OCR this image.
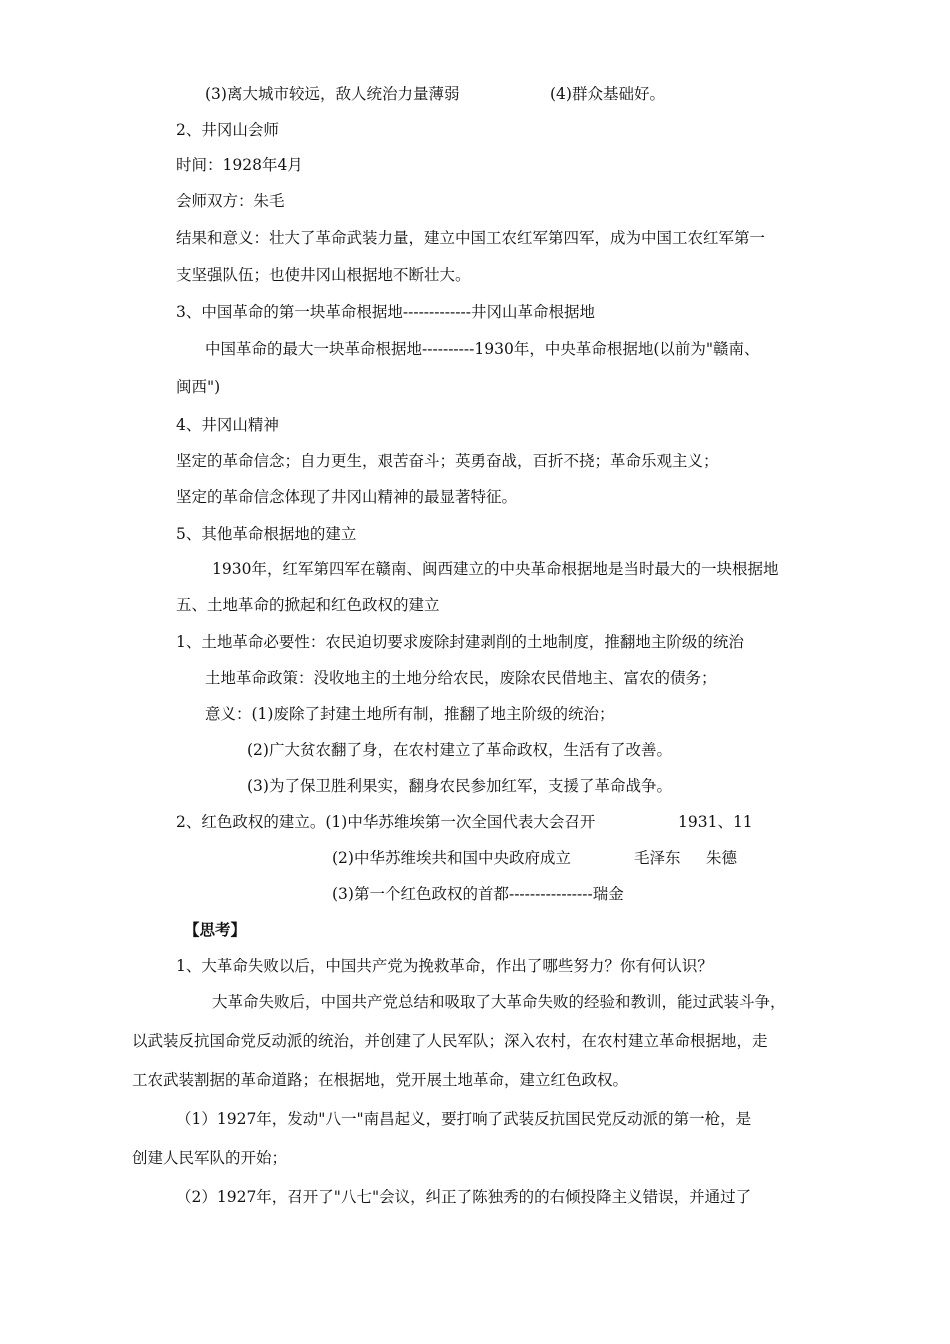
(3)离大城市较远，敌人统治力量薄弱	(4)群众基础好。
2、井冈山会师
时间：1928年4月
会师双方：朱毛
结果和意义：壮大了革命武装力量，建立中国工农红军第四军，成为中国工农红军第一
支坚强队伍；也使井冈山根据地不断壮大。
3、中国革命的第一块革命根据地-------------井冈山革命根据地
中国革命的最大一块革命根据地----------1930年，中央革命根据地(以前为"赣南、
闽西")
4、井冈山精神
坚定的革命信念；自力更生，艰苦奋斗；英勇奋战，百折不挠；革命乐观主义；
坚定的革命信念体现了井冈山精神的最显著特征。
5、其他革命根据地的建立
1930年，红军第四军在赣南、闽西建立的中央革命根据地是当时最大的一块根据地
五、土地革命的掀起和红色政权的建立
1、土地革命必要性：农民迫切要求废除封建剥削的土地制度，推翻地主阶级的统治
土地革命政策：没收地主的土地分给农民，废除农民借地主、富农的债务；
意义：(1)废除了封建土地所有制，推翻了地主阶级的统治；
(2)广大贫农翻了身，在农村建立了革命政权，生活有了改善。
(3)为了保卫胜利果实，翻身农民参加红军，支援了革命战争。
2、红色政权的建立。(1)中华苏维埃第一次全国代表大会召开	1931、11
(2)中华苏维埃共和国中央政府成立	毛泽东 朱德
(3)第一个红色政权的首都----------------瑞金
【思考】
1、大革命失败以后，中国共产党为挽救革命，作出了哪些努力？你有何认识？
大革命失败后，中国共产党总结和吸取了大革命失败的经验和教训，能过武装斗争，
以武装反抗国命党反动派的统治，并创建了人民军队；深入农村，在农村建立革命根据地，走
工农武装割据的革命道路；在根据地，党开展土地革命，建立红色政权。
（1）1927年，发动"八一"南昌起义，要打响了武装反抗国民党反动派的第一枪，是
创建人民军队的开始；
（2）1927年，召开了"八七"会议，纠正了陈独秀的的右倾投降主义错误，并通过了
